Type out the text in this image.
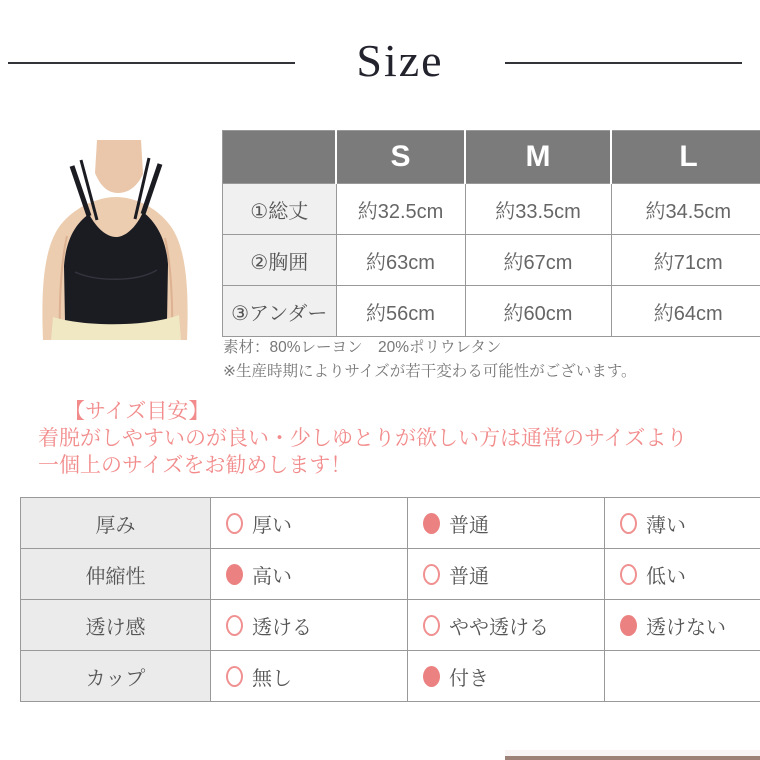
Size
	S	M	L
①総丈	約32.5cm	約33.5cm	約34.5cm
②胸囲	約63cm	約67cm	約71cm
③アンダー	約56cm	約60cm	約64cm
素材：80%レーヨン　20%ポリウレタン
※生産時期によりサイズが若干変わる可能性がございます。
【サイズ目安】
着脱がしやすいのが良い・少しゆとりが欲しい方は通常のサイズより
一個上のサイズをお勧めします！
厚み	厚い	普通	薄い
伸縮性	高い	普通	低い
透け感	透ける	やや透ける	透けない
カップ	無し	付き	
